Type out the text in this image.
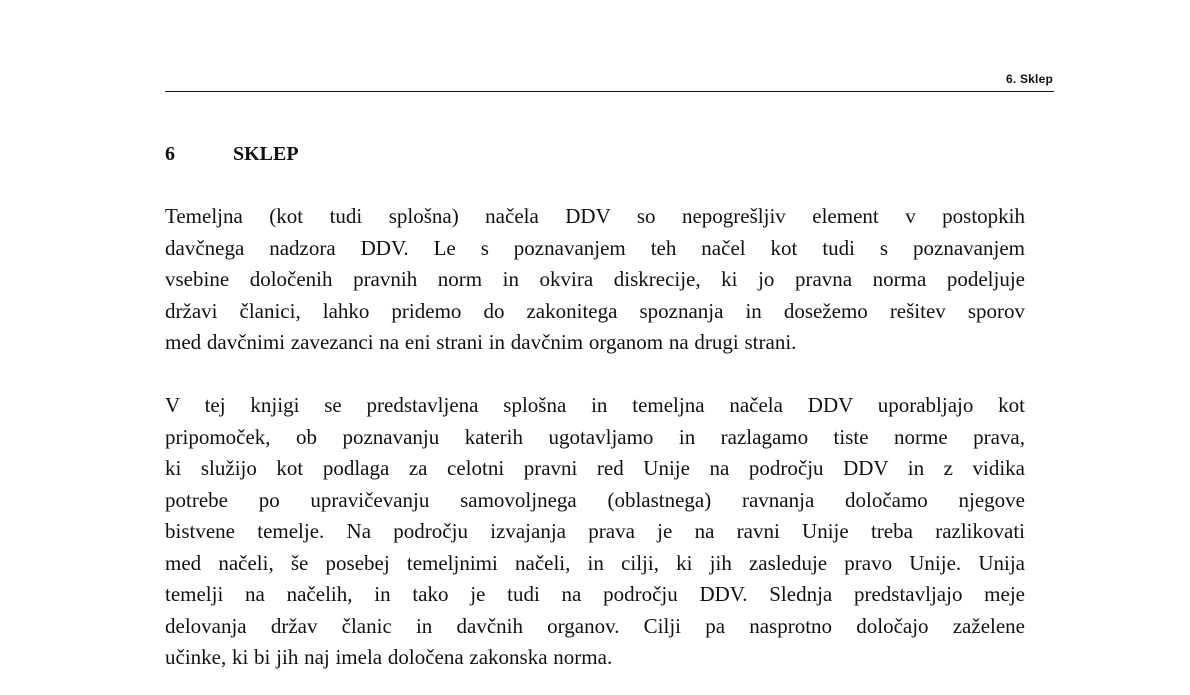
6. Sklep
6	SKLEP

Temeljna (kot tudi splošna) načela DDV so nepogrešljiv element v postopkih
davčnega nadzora DDV. Le s poznavanjem teh načel kot tudi s poznavanjem
vsebine določenih pravnih norm in okvira diskrecije, ki jo pravna norma podeljuje
državi članici, lahko pridemo do zakonitega spoznanja in dosežemo rešitev sporov
med davčnimi zavezanci na eni strani in davčnim organom na drugi strani.

V tej knjigi se predstavljena splošna in temeljna načela DDV uporabljajo kot
pripomoček, ob poznavanju katerih ugotavljamo in razlagamo tiste norme prava,
ki služijo kot podlaga za celotni pravni red Unije na področju DDV in z vidika
potrebe po upravičevanju samovoljnega (oblastnega) ravnanja določamo njegove
bistvene temelje. Na področju izvajanja prava je na ravni Unije treba razlikovati
med načeli, še posebej temeljnimi načeli, in cilji, ki jih zasleduje pravo Unije. Unija
temelji na načelih, in tako je tudi na področju DDV. Slednja predstavljajo meje
delovanja držav članic in davčnih organov. Cilji pa nasprotno določajo zaželene
učinke, ki bi jih naj imela določena zakonska norma.
